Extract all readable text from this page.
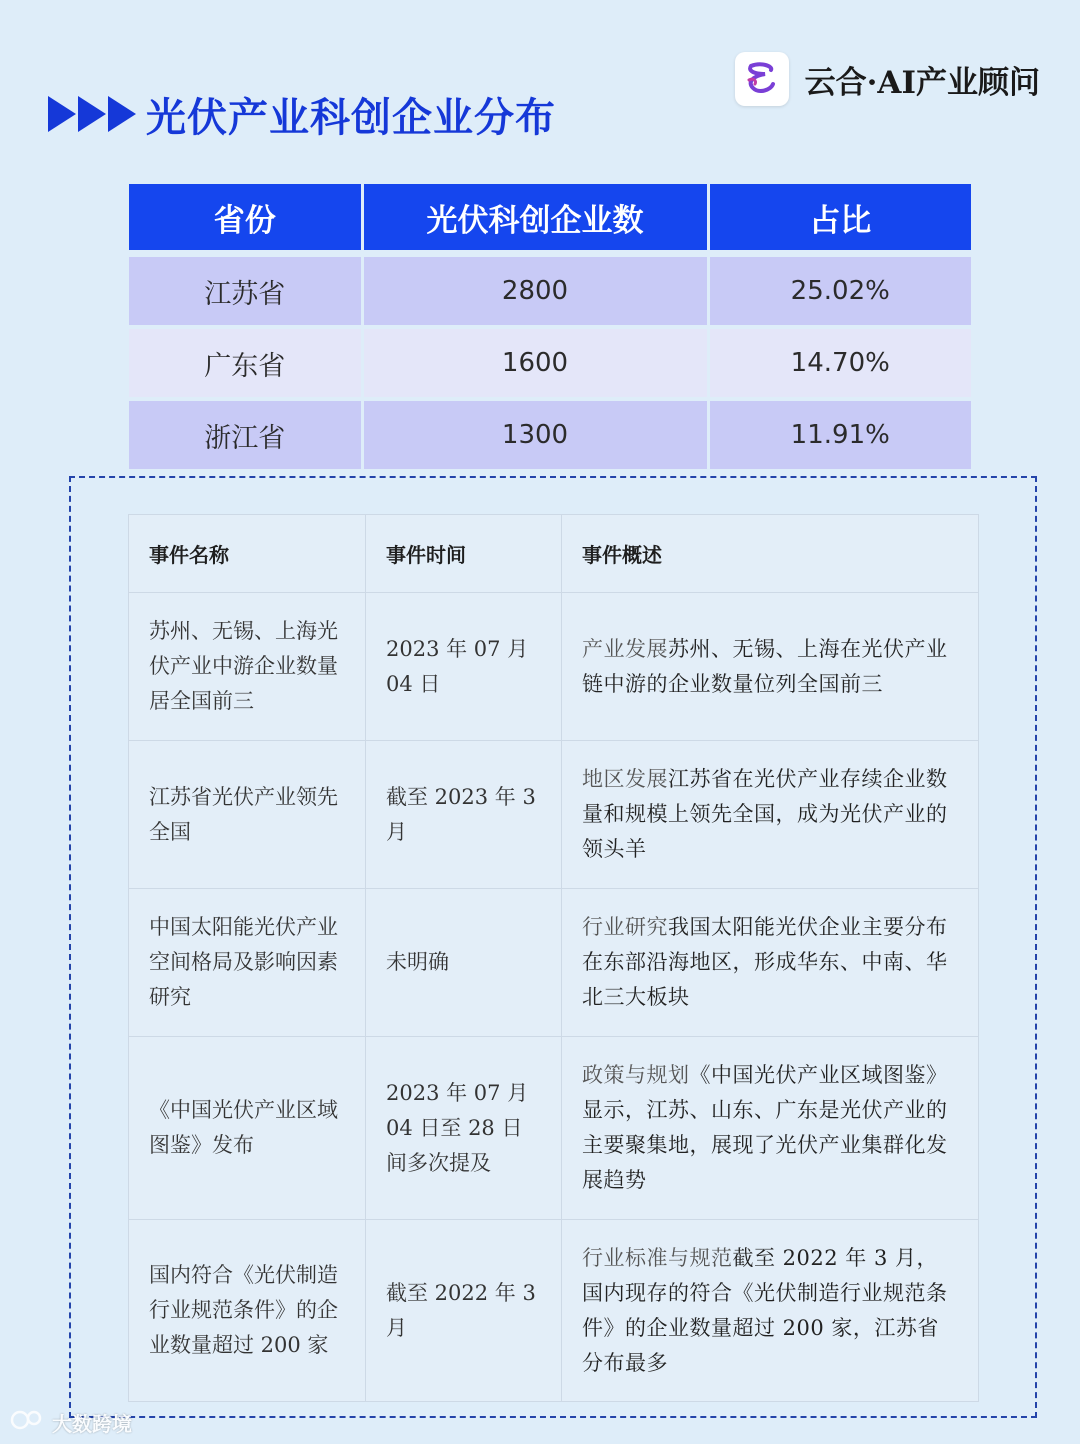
光伏产业科创企业分布
云合·AI产业顾问
省份	光伏科创企业数	占比
江苏省	2800	25.02%
广东省	1600	14.70%
浙江省	1300	11.91%
事件名称	事件时间	事件概述
苏州、无锡、上海光伏产业中游企业数量居全国前三	2023 年 07 月 04 日	产业发展苏州、无锡、上海在光伏产业链中游的企业数量位列全国前三
江苏省光伏产业领先全国	截至 2023 年 3 月	地区发展江苏省在光伏产业存续企业数量和规模上领先全国，成为光伏产业的领头羊
中国太阳能光伏产业空间格局及影响因素研究	未明确	行业研究我国太阳能光伏企业主要分布在东部沿海地区，形成华东、中南、华北三大板块
《中国光伏产业区域图鉴》发布	2023 年 07 月 04 日至 28 日间多次提及	政策与规划《中国光伏产业区域图鉴》显示，江苏、山东、广东是光伏产业的主要聚集地，展现了光伏产业集群化发展趋势
国内符合《光伏制造行业规范条件》的企业数量超过 200 家	截至 2022 年 3 月	行业标准与规范截至 2022 年 3 月，国内现存的符合《光伏制造行业规范条件》的企业数量超过 200 家，江苏省分布最多
大数跨境
